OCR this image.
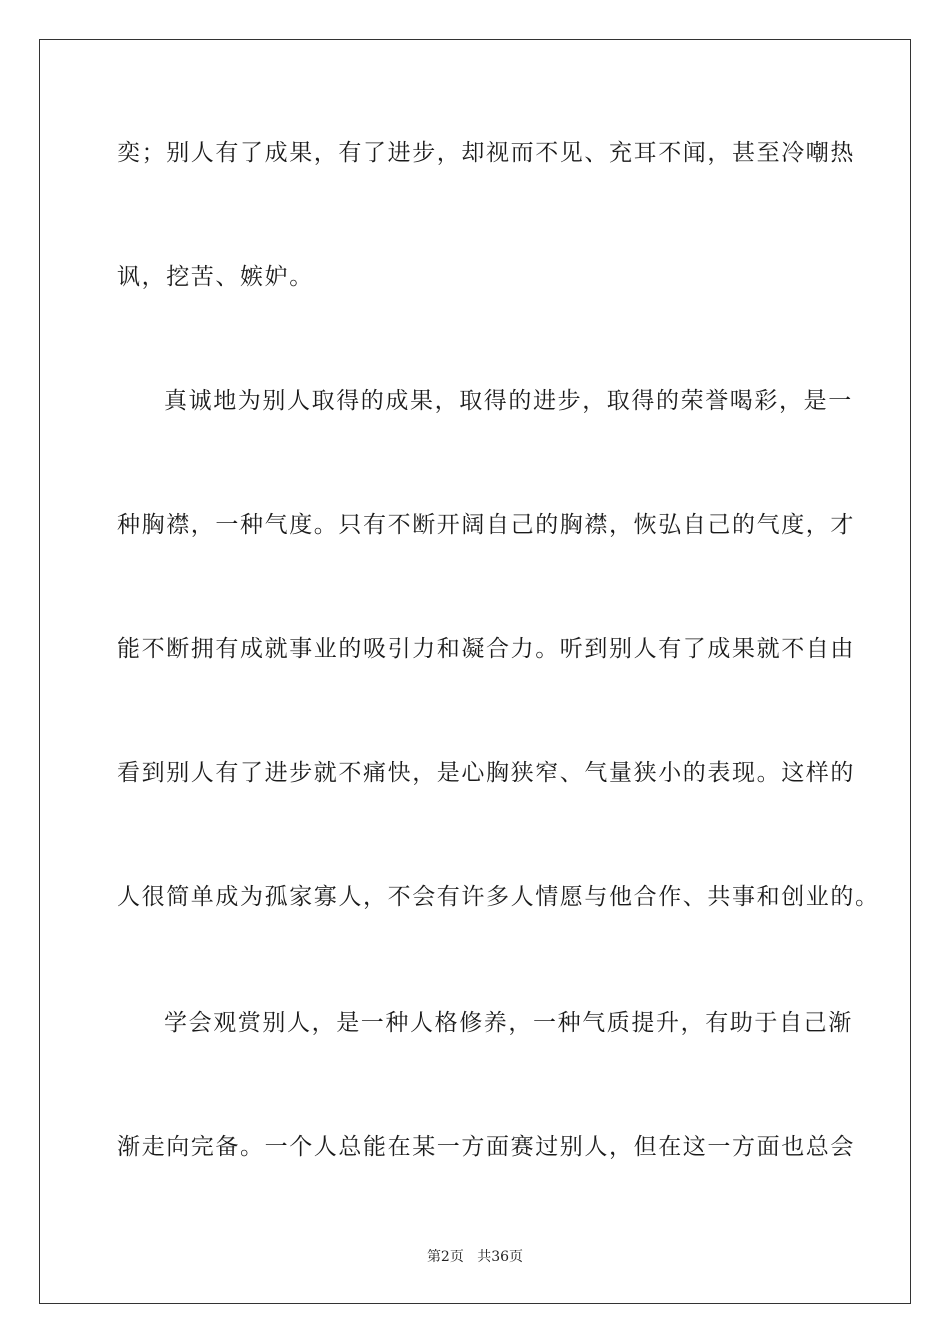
奕；别人有了成果，有了进步，却视而不见、充耳不闻，甚至冷嘲热
讽，挖苦、嫉妒。
真诚地为别人取得的成果，取得的进步，取得的荣誉喝彩，是一
种胸襟，一种气度。只有不断开阔自己的胸襟，恢弘自己的气度，才
能不断拥有成就事业的吸引力和凝合力。听到别人有了成果就不自由
看到别人有了进步就不痛快，是心胸狭窄、气量狭小的表现。这样的
人很简单成为孤家寡人，不会有许多人情愿与他合作、共事和创业的。
学会观赏别人，是一种人格修养，一种气质提升，有助于自己渐
渐走向完备。一个人总能在某一方面赛过别人，但在这一方面也总会
第2页 共36页
